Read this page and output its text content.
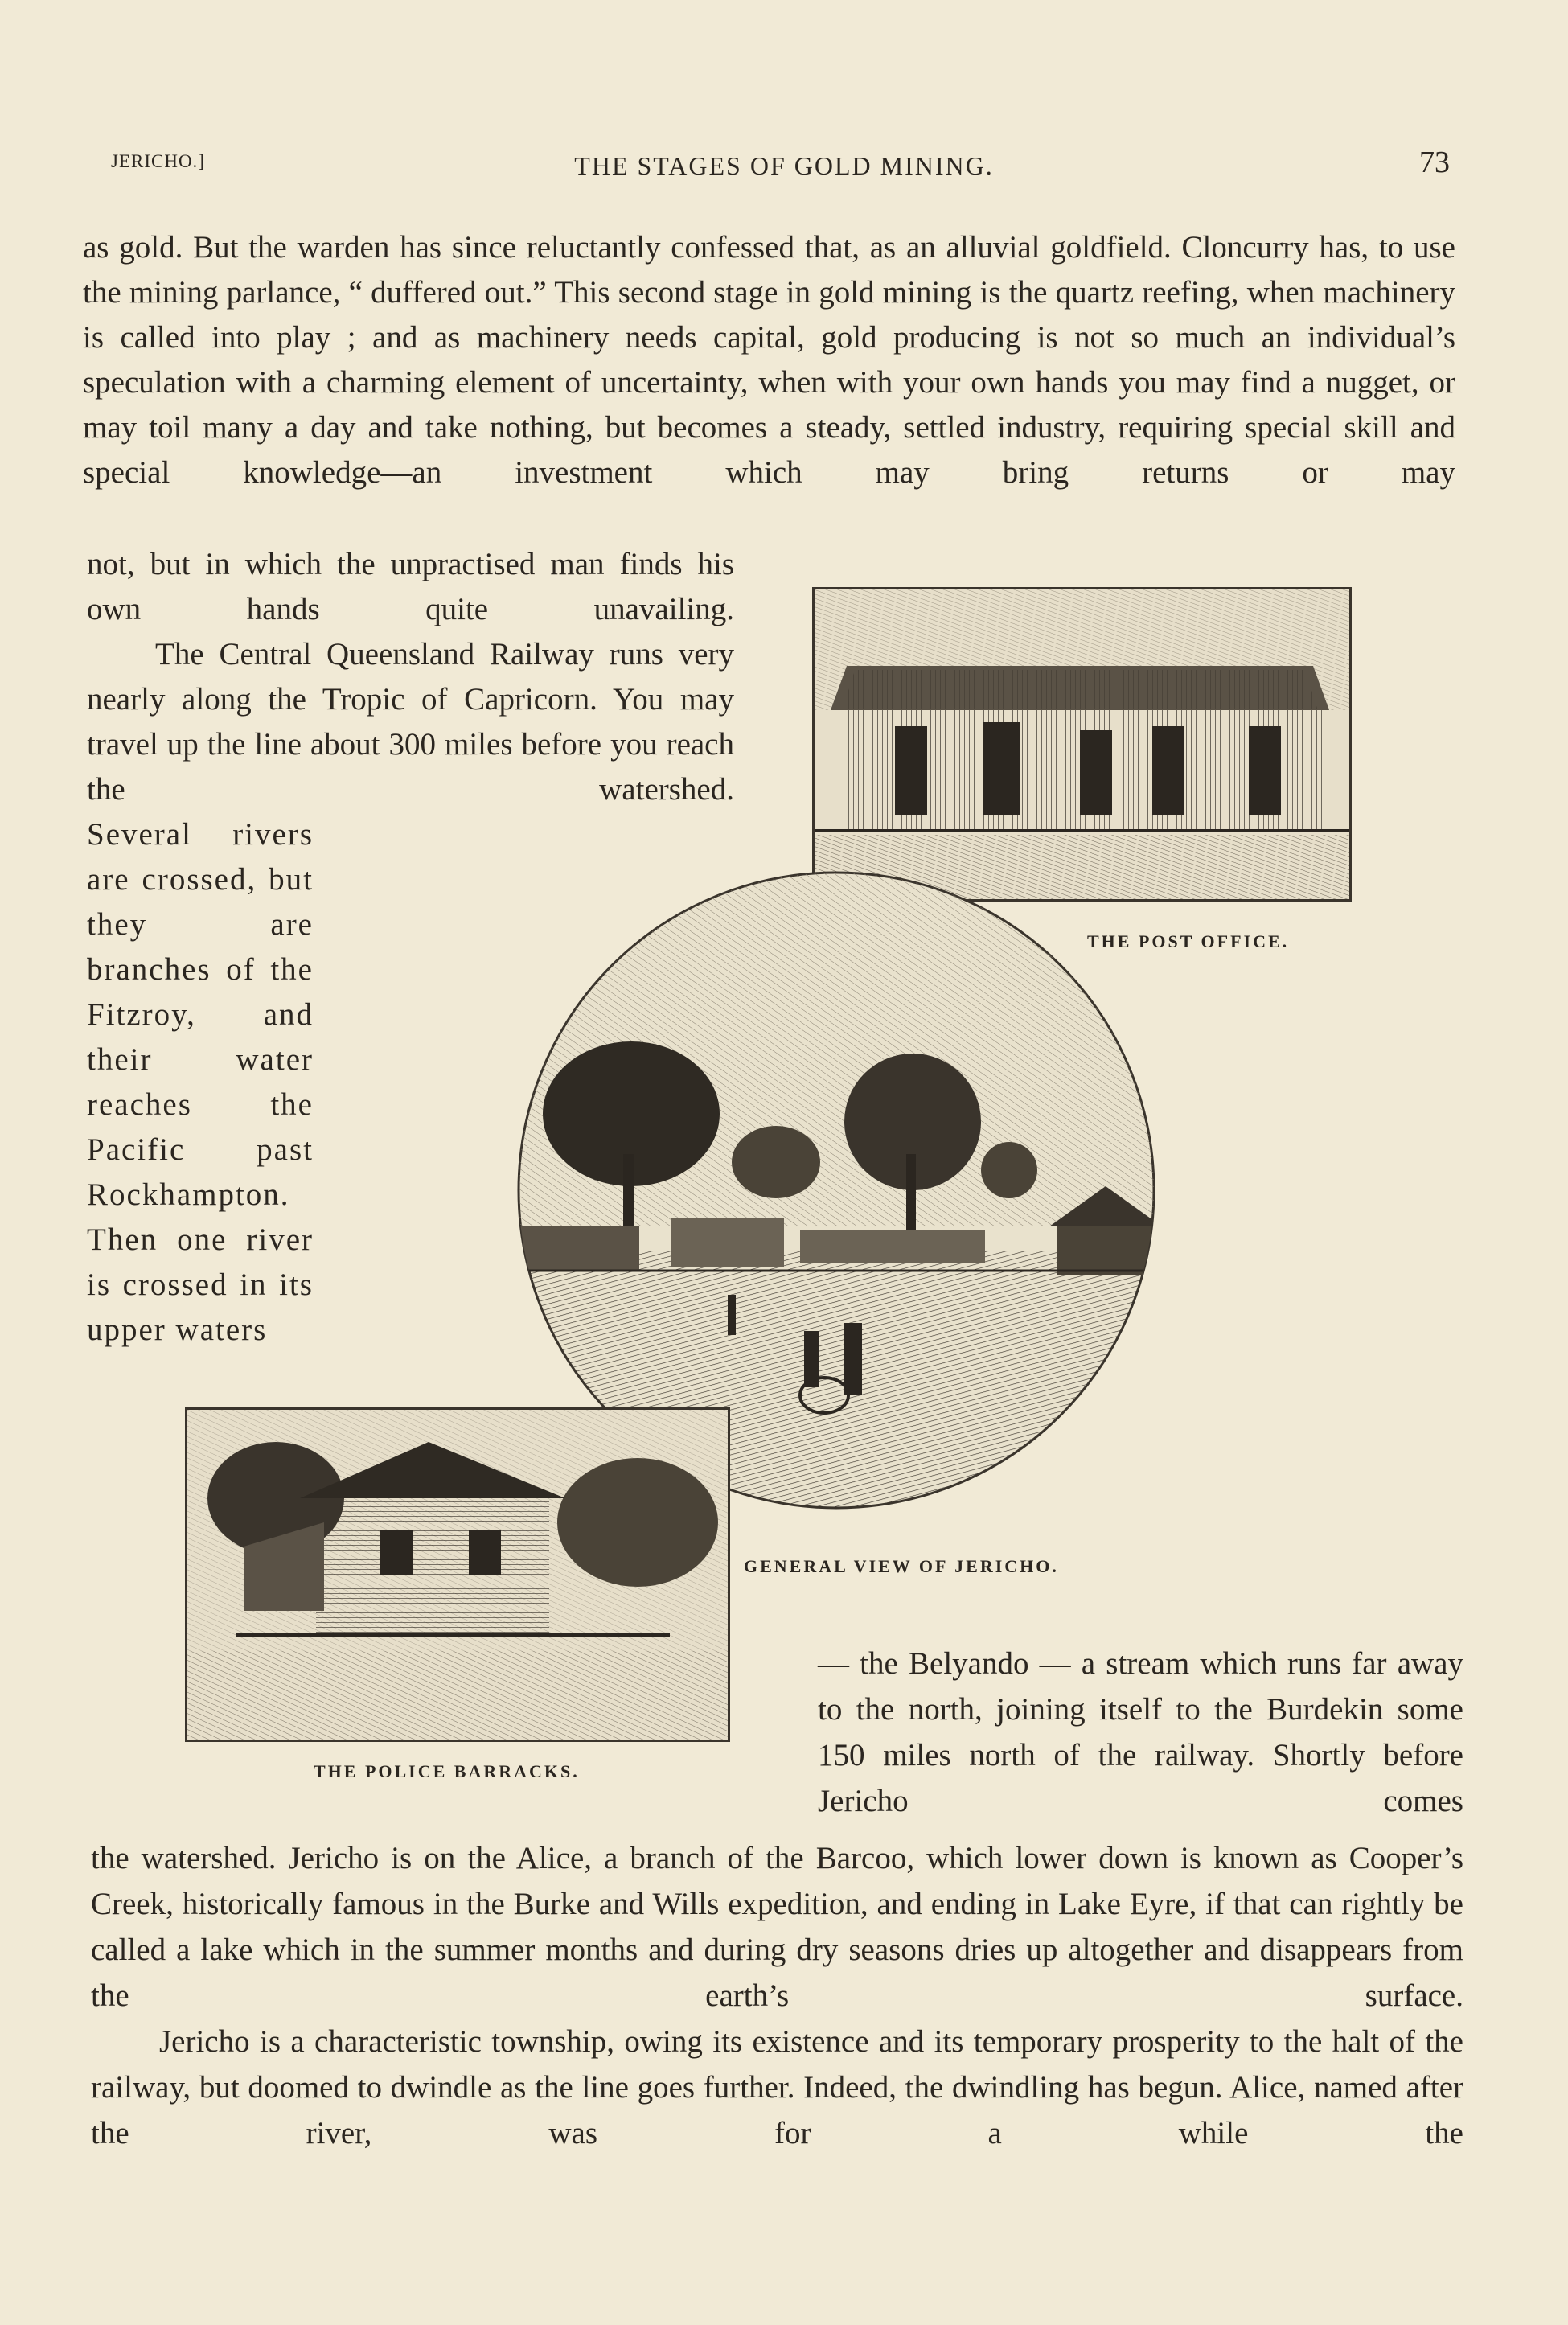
JERICHO.]	THE STAGES OF GOLD MINING.	73

as gold. But the warden has since reluctantly confessed that, as an alluvial goldfield. Cloncurry has, to use the mining parlance, “ duffered out.” This second stage in gold mining is the quartz reefing, when machinery is called into play ; and as machinery needs capital, gold producing is not so much an individual’s speculation with a charming element of uncertainty, when with your own hands you may find a nugget, or may toil many a day and take nothing, but becomes a steady, settled industry, requiring special skill and special knowledge—an investment which may bring returns or may

not, but in which the unpractised man finds his own hands quite unavailing.

The Central Queensland Railway runs very nearly along the Tropic of Capricorn. You may travel up the line about 300 miles before you reach the watershed.

Several rivers are crossed, but they are branches of the Fitzroy, and their water reaches the Pacific past Rockhampton. Then one river is crossed in its upper waters

— the Belyando — a stream which runs far away to the north, joining itself to the Burdekin some 150 miles north of the railway. Shortly before Jericho comes

the watershed. Jericho is on the Alice, a branch of the Barcoo, which lower down is known as Cooper’s Creek, historically famous in the Burke and Wills expedition, and ending in Lake Eyre, if that can rightly be called a lake which in the summer months and during dry seasons dries up altogether and disappears from the earth’s surface.

Jericho is a characteristic township, owing its existence and its temporary prosperity to the halt of the railway, but doomed to dwindle as the line goes further. Indeed, the dwindling has begun. Alice, named after the river, was for a while the

THE POST OFFICE.
GENERAL VIEW OF JERICHO.
THE POLICE BARRACKS.
